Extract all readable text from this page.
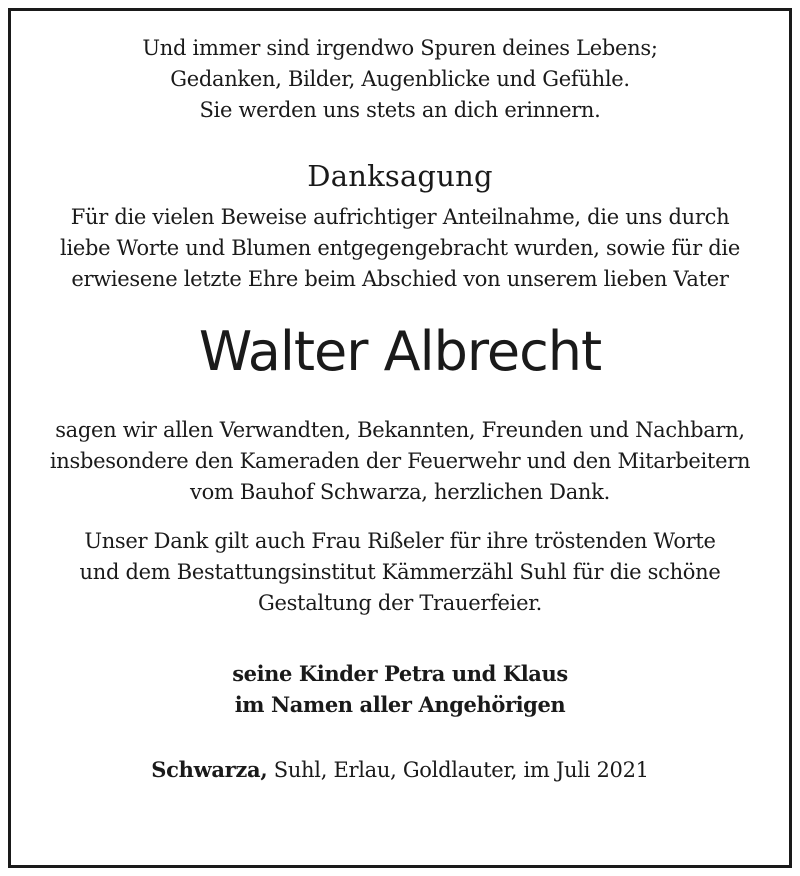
Und immer sind irgendwo Spuren deines Lebens;
Gedanken, Bilder, Augenblicke und Gefühle.
Sie werden uns stets an dich erinnern.
Danksagung
Für die vielen Beweise aufrichtiger Anteilnahme, die uns durch
liebe Worte und Blumen entgegengebracht wurden, sowie für die
erwiesene letzte Ehre beim Abschied von unserem lieben Vater
Walter Albrecht
sagen wir allen Verwandten, Bekannten, Freunden und Nachbarn,
insbesondere den Kameraden der Feuerwehr und den Mitarbeitern
vom Bauhof Schwarza, herzlichen Dank.
Unser Dank gilt auch Frau Rißeler für ihre tröstenden Worte
und dem Bestattungsinstitut Kämmerzähl Suhl für die schöne
Gestaltung der Trauerfeier.
seine Kinder Petra und Klaus
im Namen aller Angehörigen
Schwarza, Suhl, Erlau, Goldlauter, im Juli 2021
